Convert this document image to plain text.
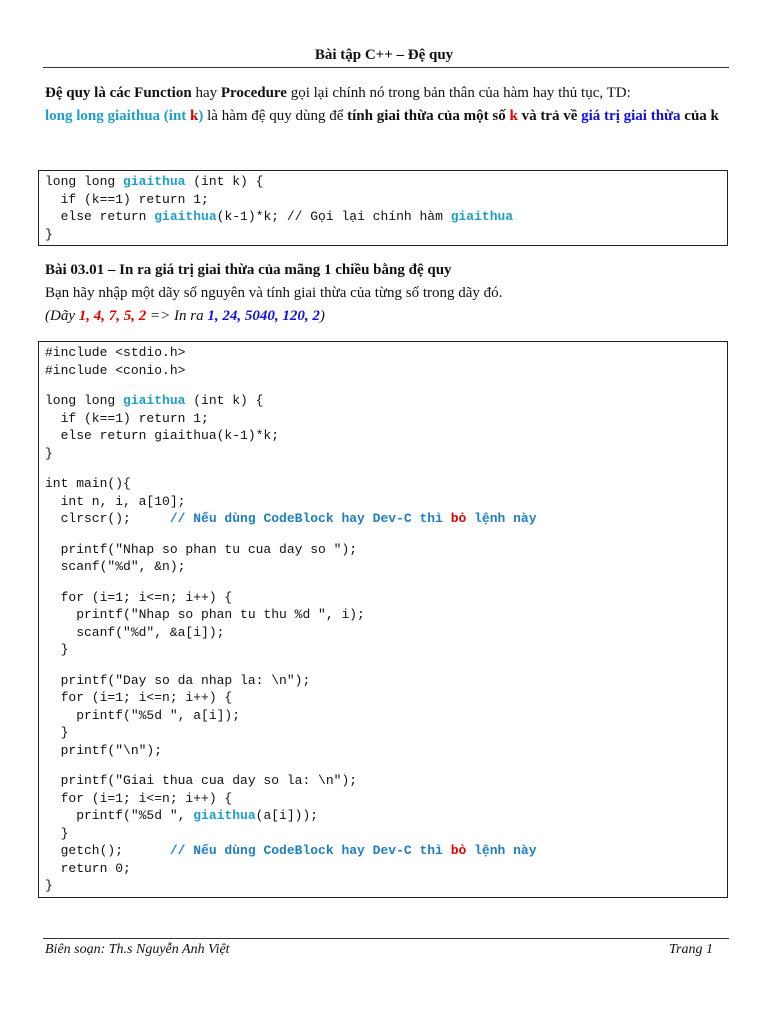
Bài tập C++ – Đệ quy
Đệ quy là các Function hay Procedure gọi lại chính nó trong bản thân của hàm hay thủ tục, TD:
long long giaithua (int k) là hàm đệ quy dùng để tính giai thừa của một số k và trả về giá trị giai thừa của k
long long giaithua (int k) {
if (k==1) return 1;
else return giaithua(k-1)*k; // Gọi lại chính hàm giaithua
}
Bài 03.01 – In ra giá trị giai thừa của mãng 1 chiều bằng đệ quy
Bạn hãy nhập một dãy số nguyên và tính giai thừa của từng số trong dãy đó.
(Dãy 1, 4, 7, 5, 2 => In ra 1, 24, 5040, 120, 2)
#include <stdio.h>
#include <conio.h>
long long giaithua (int k) {
if (k==1) return 1;
else return giaithua(k-1)*k;
}
int main(){
int n, i, a[10];
clrscr();     // Nếu dùng CodeBlock hay Dev-C thì bỏ lệnh này
printf("Nhap so phan tu cua day so ");
scanf("%d", &n);
for (i=1; i<=n; i++) {
printf("Nhap so phan tu thu %d ", i);
scanf("%d", &a[i]);
}
printf("Day so da nhap la: \n");
for (i=1; i<=n; i++) {
printf("%5d ", a[i]);
}
printf("\n");
printf("Giai thua cua day so la: \n");
for (i=1; i<=n; i++) {
printf("%5d ", giaithua(a[i]));
}
getch();      // Nếu dùng CodeBlock hay Dev-C thì bỏ lệnh này
return 0;
}
Biên soạn: Th.s Nguyễn Anh Việt	Trang 1
